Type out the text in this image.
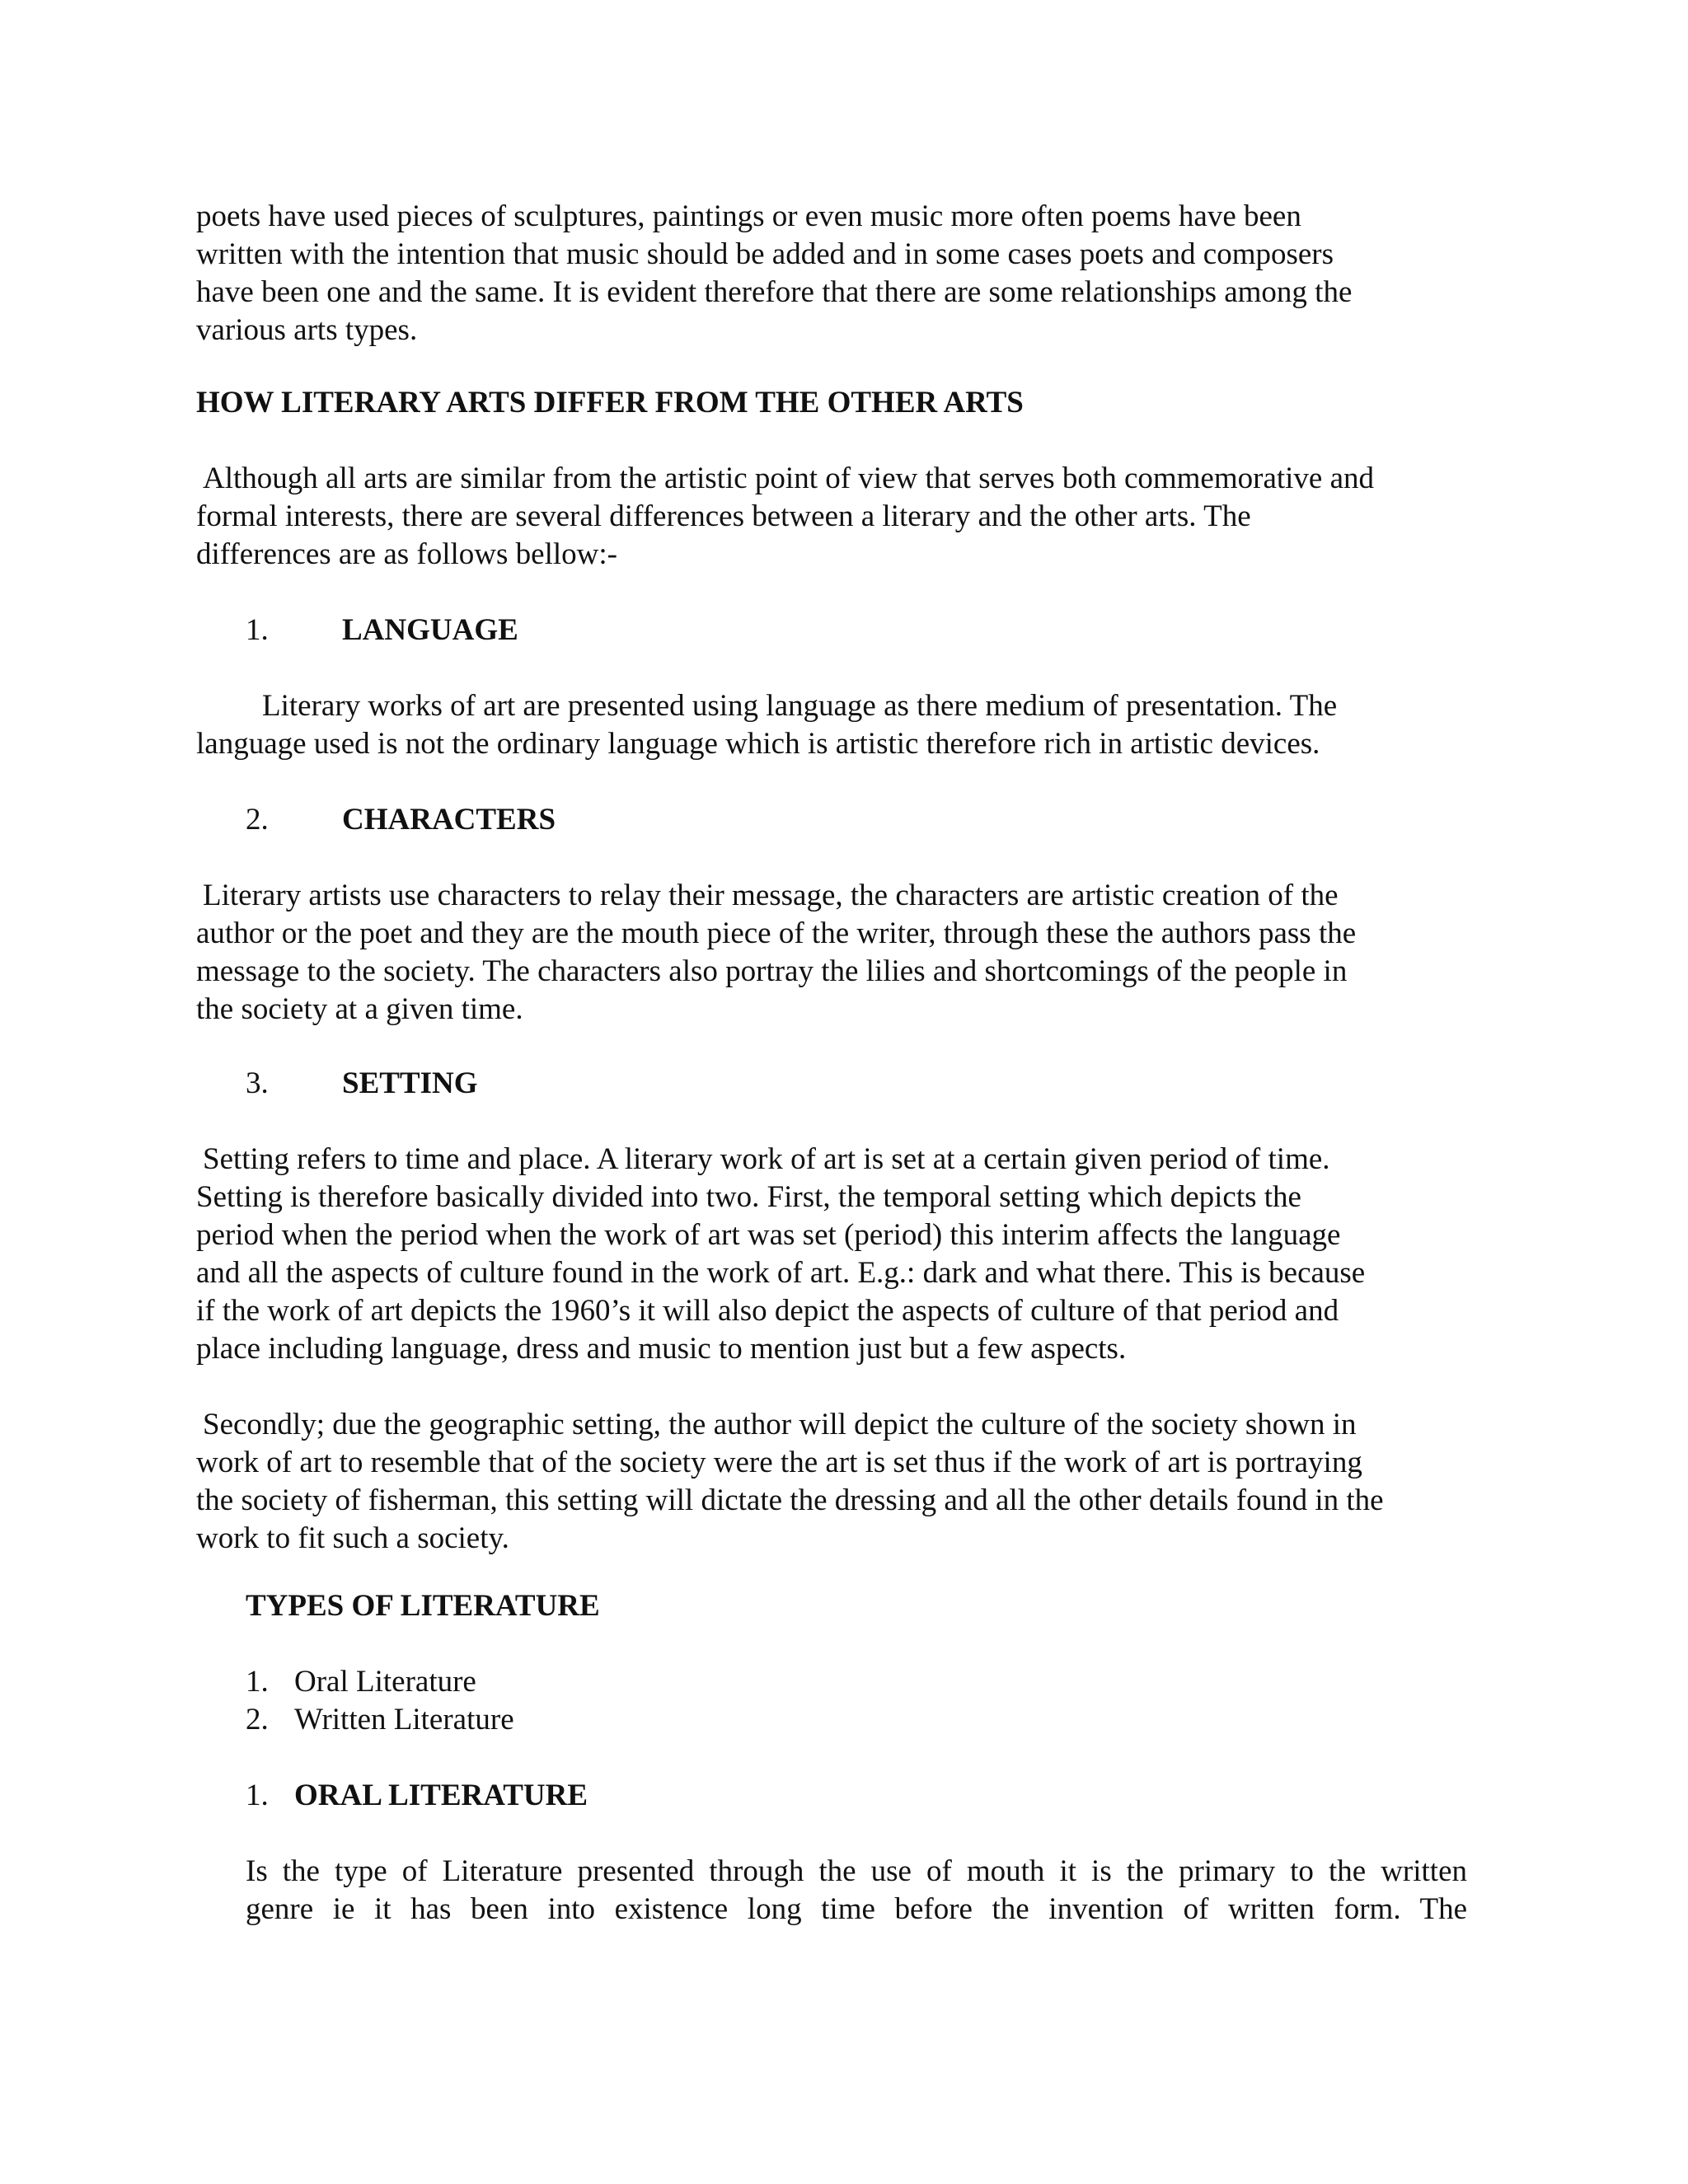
poets have used pieces of sculptures, paintings or even music more often poems have been

written with the intention that music should be added and in some cases poets and composers

have been one and the same. It is evident therefore that there are some relationships among the

various arts types.

HOW LITERARY ARTS DIFFER FROM THE OTHER ARTS

Although all arts are similar from the artistic point of view that serves both commemorative and

formal interests, there are several differences between a literary and the other arts. The

differences are as follows bellow:-

1. LANGUAGE

Literary works of art are presented using language as there medium of presentation. The

language used is not the ordinary language which is artistic therefore rich in artistic devices.

2. CHARACTERS

Literary artists use characters to relay their message, the characters are artistic creation of the

author or the poet and they are the mouth piece of the writer, through these the authors pass the

message to the society. The characters also portray the lilies and shortcomings of the people in

the society at a given time.

3. SETTING

Setting refers to time and place. A literary work of art is set at a certain given period of time.

Setting is therefore basically divided into two. First, the temporal setting which depicts the

period when the period when the work of art was set (period) this interim affects the language

and all the aspects of culture found in the work of art. E.g.: dark and what there. This is because

if the work of art depicts the 1960’s it will also depict the aspects of culture of that period and

place including language, dress and music to mention just but a few aspects.

Secondly; due the geographic setting, the author will depict the culture of the society shown in

work of art to resemble that of the society were the art is set thus if the work of art is portraying

the society of fisherman, this setting will dictate the dressing and all the other details found in the

work to fit such a society.

TYPES OF LITERATURE

1. Oral Literature

2. Written Literature

1. ORAL LITERATURE

Is the type of Literature presented through the use of mouth it is the primary to the written

genre ie it has been into existence long time before the invention of written form. The
